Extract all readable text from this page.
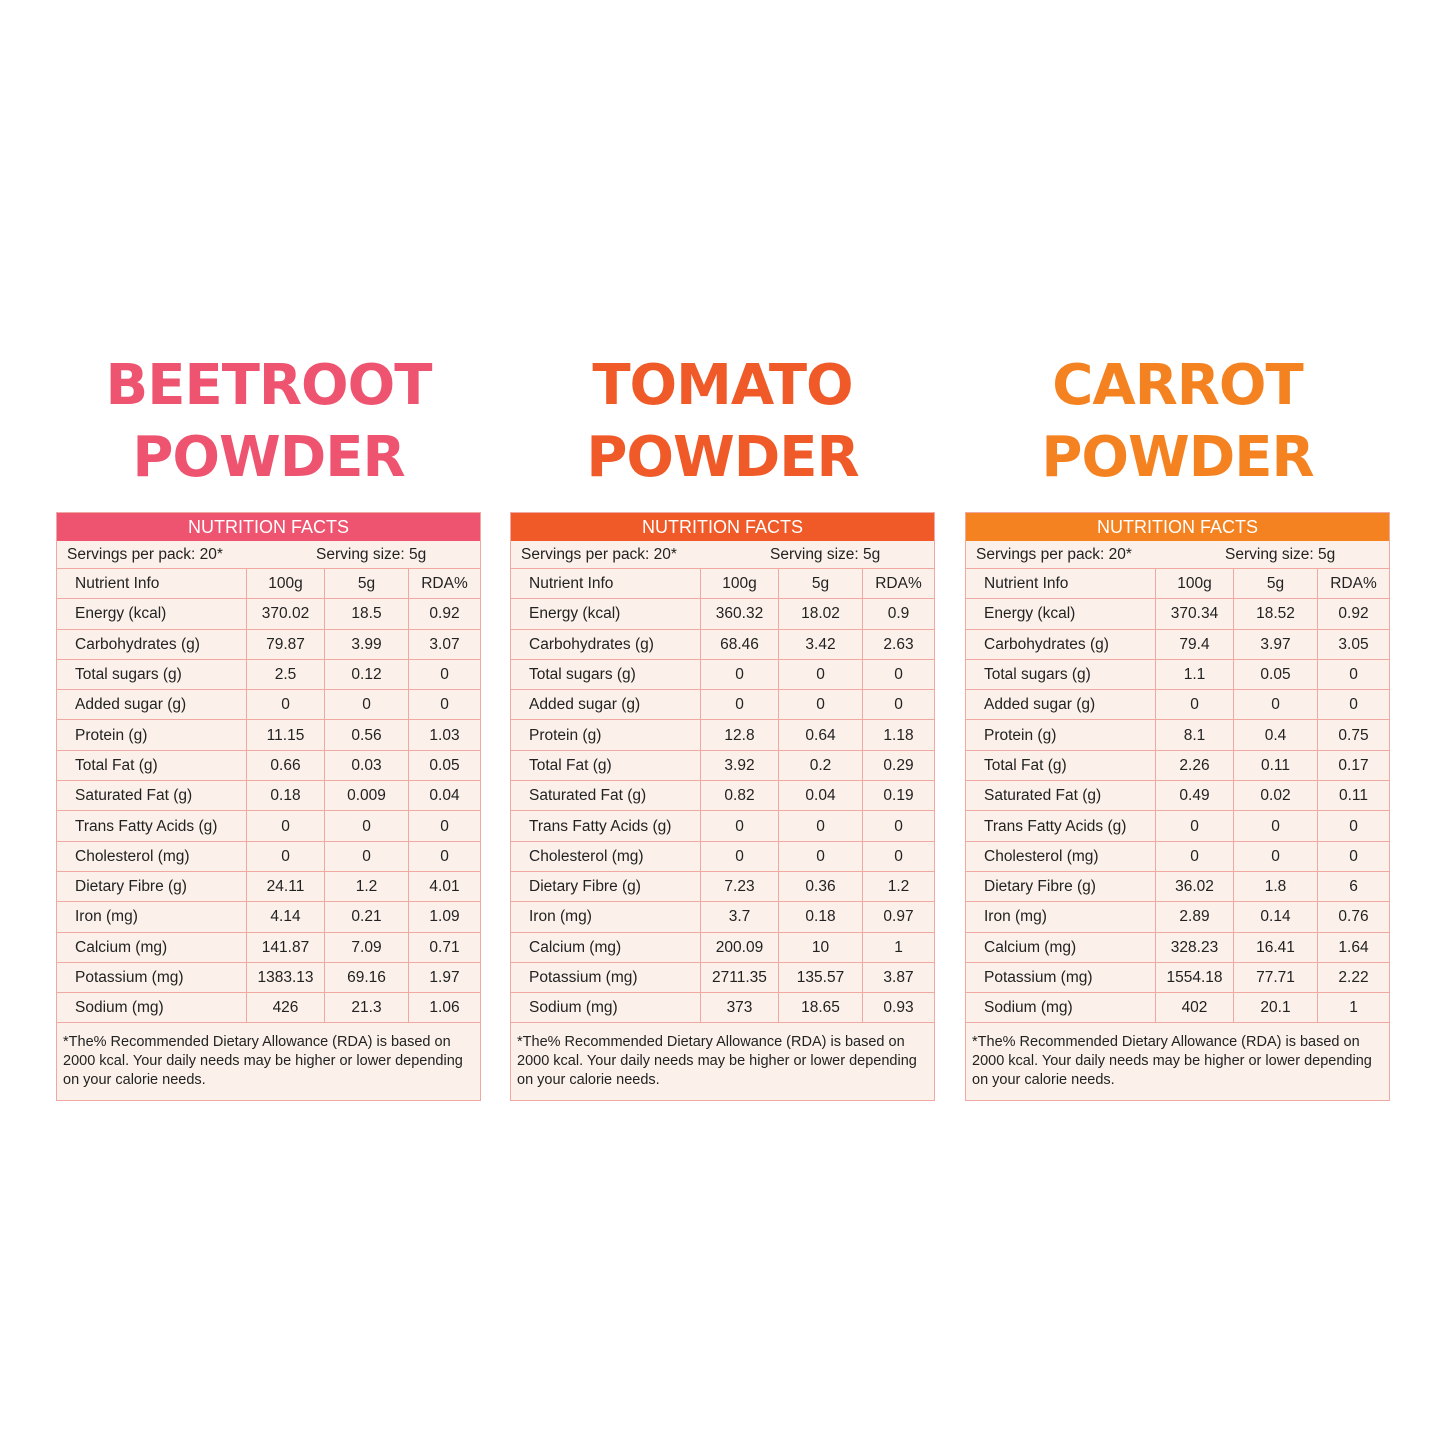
BEETROOT
POWDER
NUTRITION FACTS
Servings per pack: 20*	Serving size: 5g
Nutrient Info	100g	5g	RDA%
Energy (kcal)	370.02	18.5	0.92
Carbohydrates (g)	79.87	3.99	3.07
Total sugars (g)	2.5	0.12	0
Added sugar (g)	0	0	0
Protein (g)	11.15	0.56	1.03
Total Fat (g)	0.66	0.03	0.05
Saturated Fat (g)	0.18	0.009	0.04
Trans Fatty Acids (g)	0	0	0
Cholesterol (mg)	0	0	0
Dietary Fibre (g)	24.11	1.2	4.01
Iron (mg)	4.14	0.21	1.09
Calcium (mg)	141.87	7.09	0.71
Potassium (mg)	1383.13	69.16	1.97
Sodium (mg)	426	21.3	1.06
*The% Recommended Dietary Allowance (RDA) is based on 2000 kcal. Your daily needs may be higher or lower depending on your calorie needs.
TOMATO
POWDER
NUTRITION FACTS
Servings per pack: 20*	Serving size: 5g
Nutrient Info	100g	5g	RDA%
Energy (kcal)	360.32	18.02	0.9
Carbohydrates (g)	68.46	3.42	2.63
Total sugars (g)	0	0	0
Added sugar (g)	0	0	0
Protein (g)	12.8	0.64	1.18
Total Fat (g)	3.92	0.2	0.29
Saturated Fat (g)	0.82	0.04	0.19
Trans Fatty Acids (g)	0	0	0
Cholesterol (mg)	0	0	0
Dietary Fibre (g)	7.23	0.36	1.2
Iron (mg)	3.7	0.18	0.97
Calcium (mg)	200.09	10	1
Potassium (mg)	2711.35	135.57	3.87
Sodium (mg)	373	18.65	0.93
*The% Recommended Dietary Allowance (RDA) is based on 2000 kcal. Your daily needs may be higher or lower depending on your calorie needs.
CARROT
POWDER
NUTRITION FACTS
Servings per pack: 20*	Serving size: 5g
Nutrient Info	100g	5g	RDA%
Energy (kcal)	370.34	18.52	0.92
Carbohydrates (g)	79.4	3.97	3.05
Total sugars (g)	1.1	0.05	0
Added sugar (g)	0	0	0
Protein (g)	8.1	0.4	0.75
Total Fat (g)	2.26	0.11	0.17
Saturated Fat (g)	0.49	0.02	0.11
Trans Fatty Acids (g)	0	0	0
Cholesterol (mg)	0	0	0
Dietary Fibre (g)	36.02	1.8	6
Iron (mg)	2.89	0.14	0.76
Calcium (mg)	328.23	16.41	1.64
Potassium (mg)	1554.18	77.71	2.22
Sodium (mg)	402	20.1	1
*The% Recommended Dietary Allowance (RDA) is based on 2000 kcal. Your daily needs may be higher or lower depending on your calorie needs.
